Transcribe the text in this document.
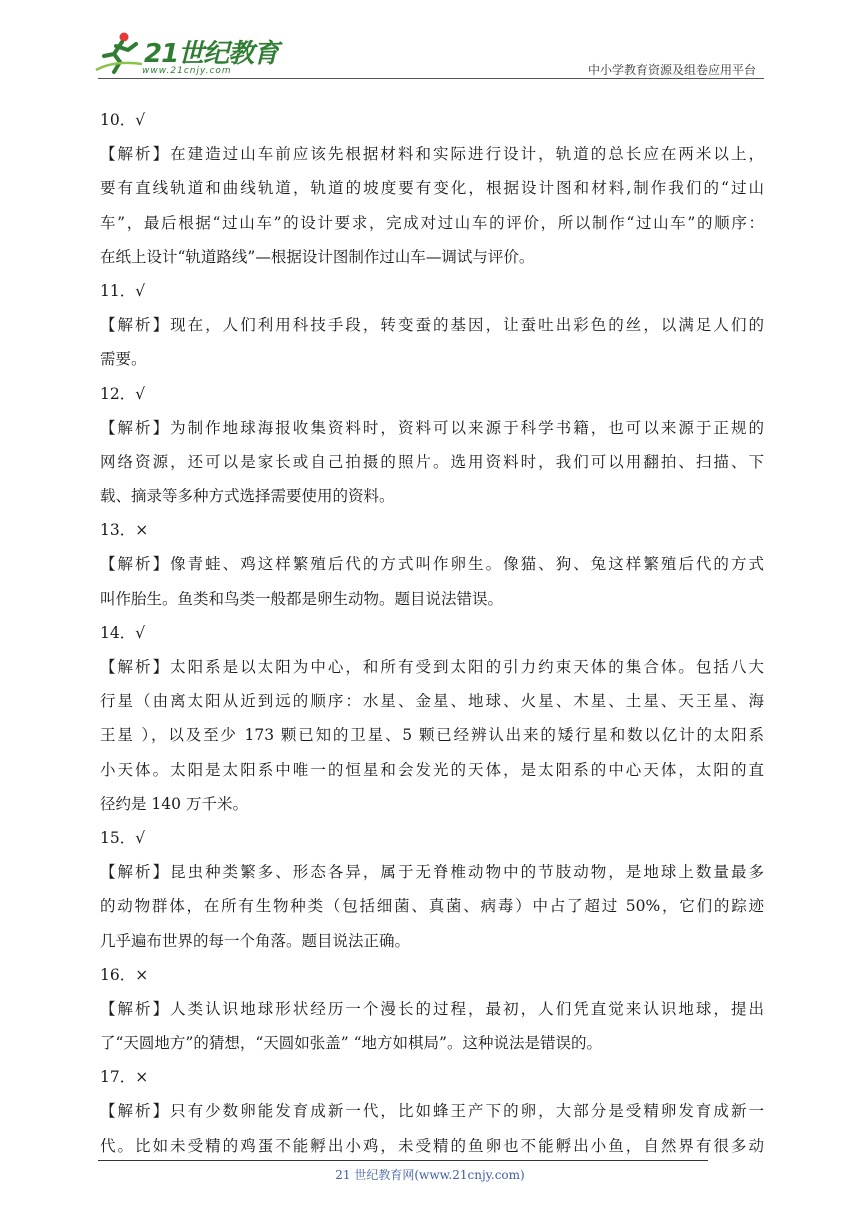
21世纪教育
www.21cnjy.com	中小学教育资源及组卷应用平台
10．√
【解析】在建造过山车前应该先根据材料和实际进行设计，轨道的总长应在两米以上，
要有直线轨道和曲线轨道，轨道的坡度要有变化，根据设计图和材料,制作我们的“过山
车”，最后根据“过山车”的设计要求，完成对过山车的评价，所以制作“过山车”的顺序：
在纸上设计“轨道路线”—根据设计图制作过山车—调试与评价。
11．√
【解析】现在，人们利用科技手段，转变蚕的基因，让蚕吐出彩色的丝，以满足人们的
需要。
12．√
【解析】为制作地球海报收集资料时，资料可以来源于科学书籍，也可以来源于正规的
网络资源，还可以是家长或自己拍摄的照片。选用资料时，我们可以用翻拍、扫描、下
载、摘录等多种方式选择需要使用的资料。
13．×
【解析】像青蛙、鸡这样繁殖后代的方式叫作卵生。像猫、狗、兔这样繁殖后代的方式
叫作胎生。鱼类和鸟类一般都是卵生动物。题目说法错误。
14．√
【解析】太阳系是以太阳为中心，和所有受到太阳的引力约束天体的集合体。包括八大
行星（由离太阳从近到远的顺序：水星、金星、地球、火星、木星、土星、天王星、海
王星 ），以及至少 173 颗已知的卫星、5 颗已经辨认出来的矮行星和数以亿计的太阳系
小天体。太阳是太阳系中唯一的恒星和会发光的天体，是太阳系的中心天体，太阳的直
径约是 140 万千米。
15．√
【解析】昆虫种类繁多、形态各异，属于无脊椎动物中的节肢动物，是地球上数量最多
的动物群体，在所有生物种类（包括细菌、真菌、病毒）中占了超过 50%，它们的踪迹
几乎遍布世界的每一个角落。题目说法正确。
16．×
【解析】人类认识地球形状经历一个漫长的过程，最初，人们凭直觉来认识地球，提出
了“天圆地方”的猜想，“天圆如张盖” “地方如棋局”。这种说法是错误的。
17．×
【解析】只有少数卵能发育成新一代，比如蜂王产下的卵，大部分是受精卵发育成新一
代。比如未受精的鸡蛋不能孵出小鸡，未受精的鱼卵也不能孵出小鱼，自然界有很多动
21 世纪教育网(www.21cnjy.com)
